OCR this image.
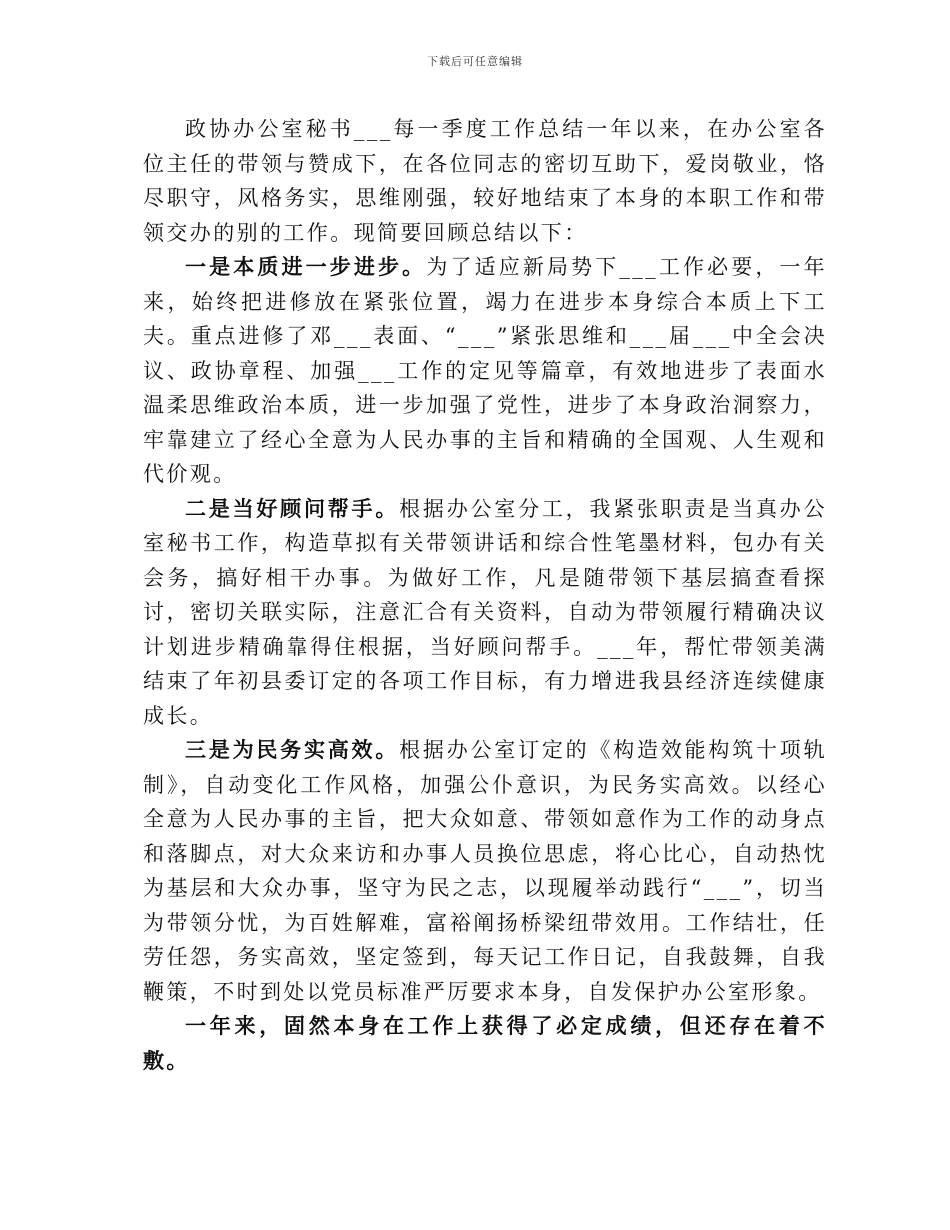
下载后可任意编辑

政协办公室秘书___每一季度工作总结一年以来，在办公室各位主任的带领与赞成下，在各位同志的密切互助下，爱岗敬业，恪尽职守，风格务实，思维刚强，较好地结束了本身的本职工作和带领交办的别的工作。现简要回顾总结以下：

一是本质进一步进步。为了适应新局势下___工作必要，一年来，始终把进修放在紧张位置，竭力在进步本身综合本质上下工夫。重点进修了邓___表面、“___”紧张思维和___届___中全会决议、政协章程、加强___工作的定见等篇章，有效地进步了表面水温柔思维政治本质，进一步加强了党性，进步了本身政治洞察力，牢靠建立了经心全意为人民办事的主旨和精确的全国观、人生观和代价观。

二是当好顾问帮手。根据办公室分工，我紧张职责是当真办公室秘书工作，构造草拟有关带领讲话和综合性笔墨材料，包办有关会务，搞好相干办事。为做好工作，凡是随带领下基层搞查看探讨，密切关联实际，注意汇合有关资料，自动为带领履行精确决议计划进步精确靠得住根据，当好顾问帮手。___年，帮忙带领美满结束了年初县委订定的各项工作目标，有力增进我县经济连续健康成长。

三是为民务实高效。根据办公室订定的《构造效能构筑十项轨制》，自动变化工作风格，加强公仆意识，为民务实高效。以经心全意为人民办事的主旨，把大众如意、带领如意作为工作的动身点和落脚点，对大众来访和办事人员换位思虑，将心比心，自动热忱为基层和大众办事，坚守为民之志，以现履举动践行“___”，切当为带领分忧，为百姓解难，富裕阐扬桥梁纽带效用。工作结壮，任劳任怨，务实高效，坚定签到，每天记工作日记，自我鼓舞，自我鞭策，不时到处以党员标准严厉要求本身，自发保护办公室形象。

一年来，固然本身在工作上获得了必定成绩，但还存在着不敷。
